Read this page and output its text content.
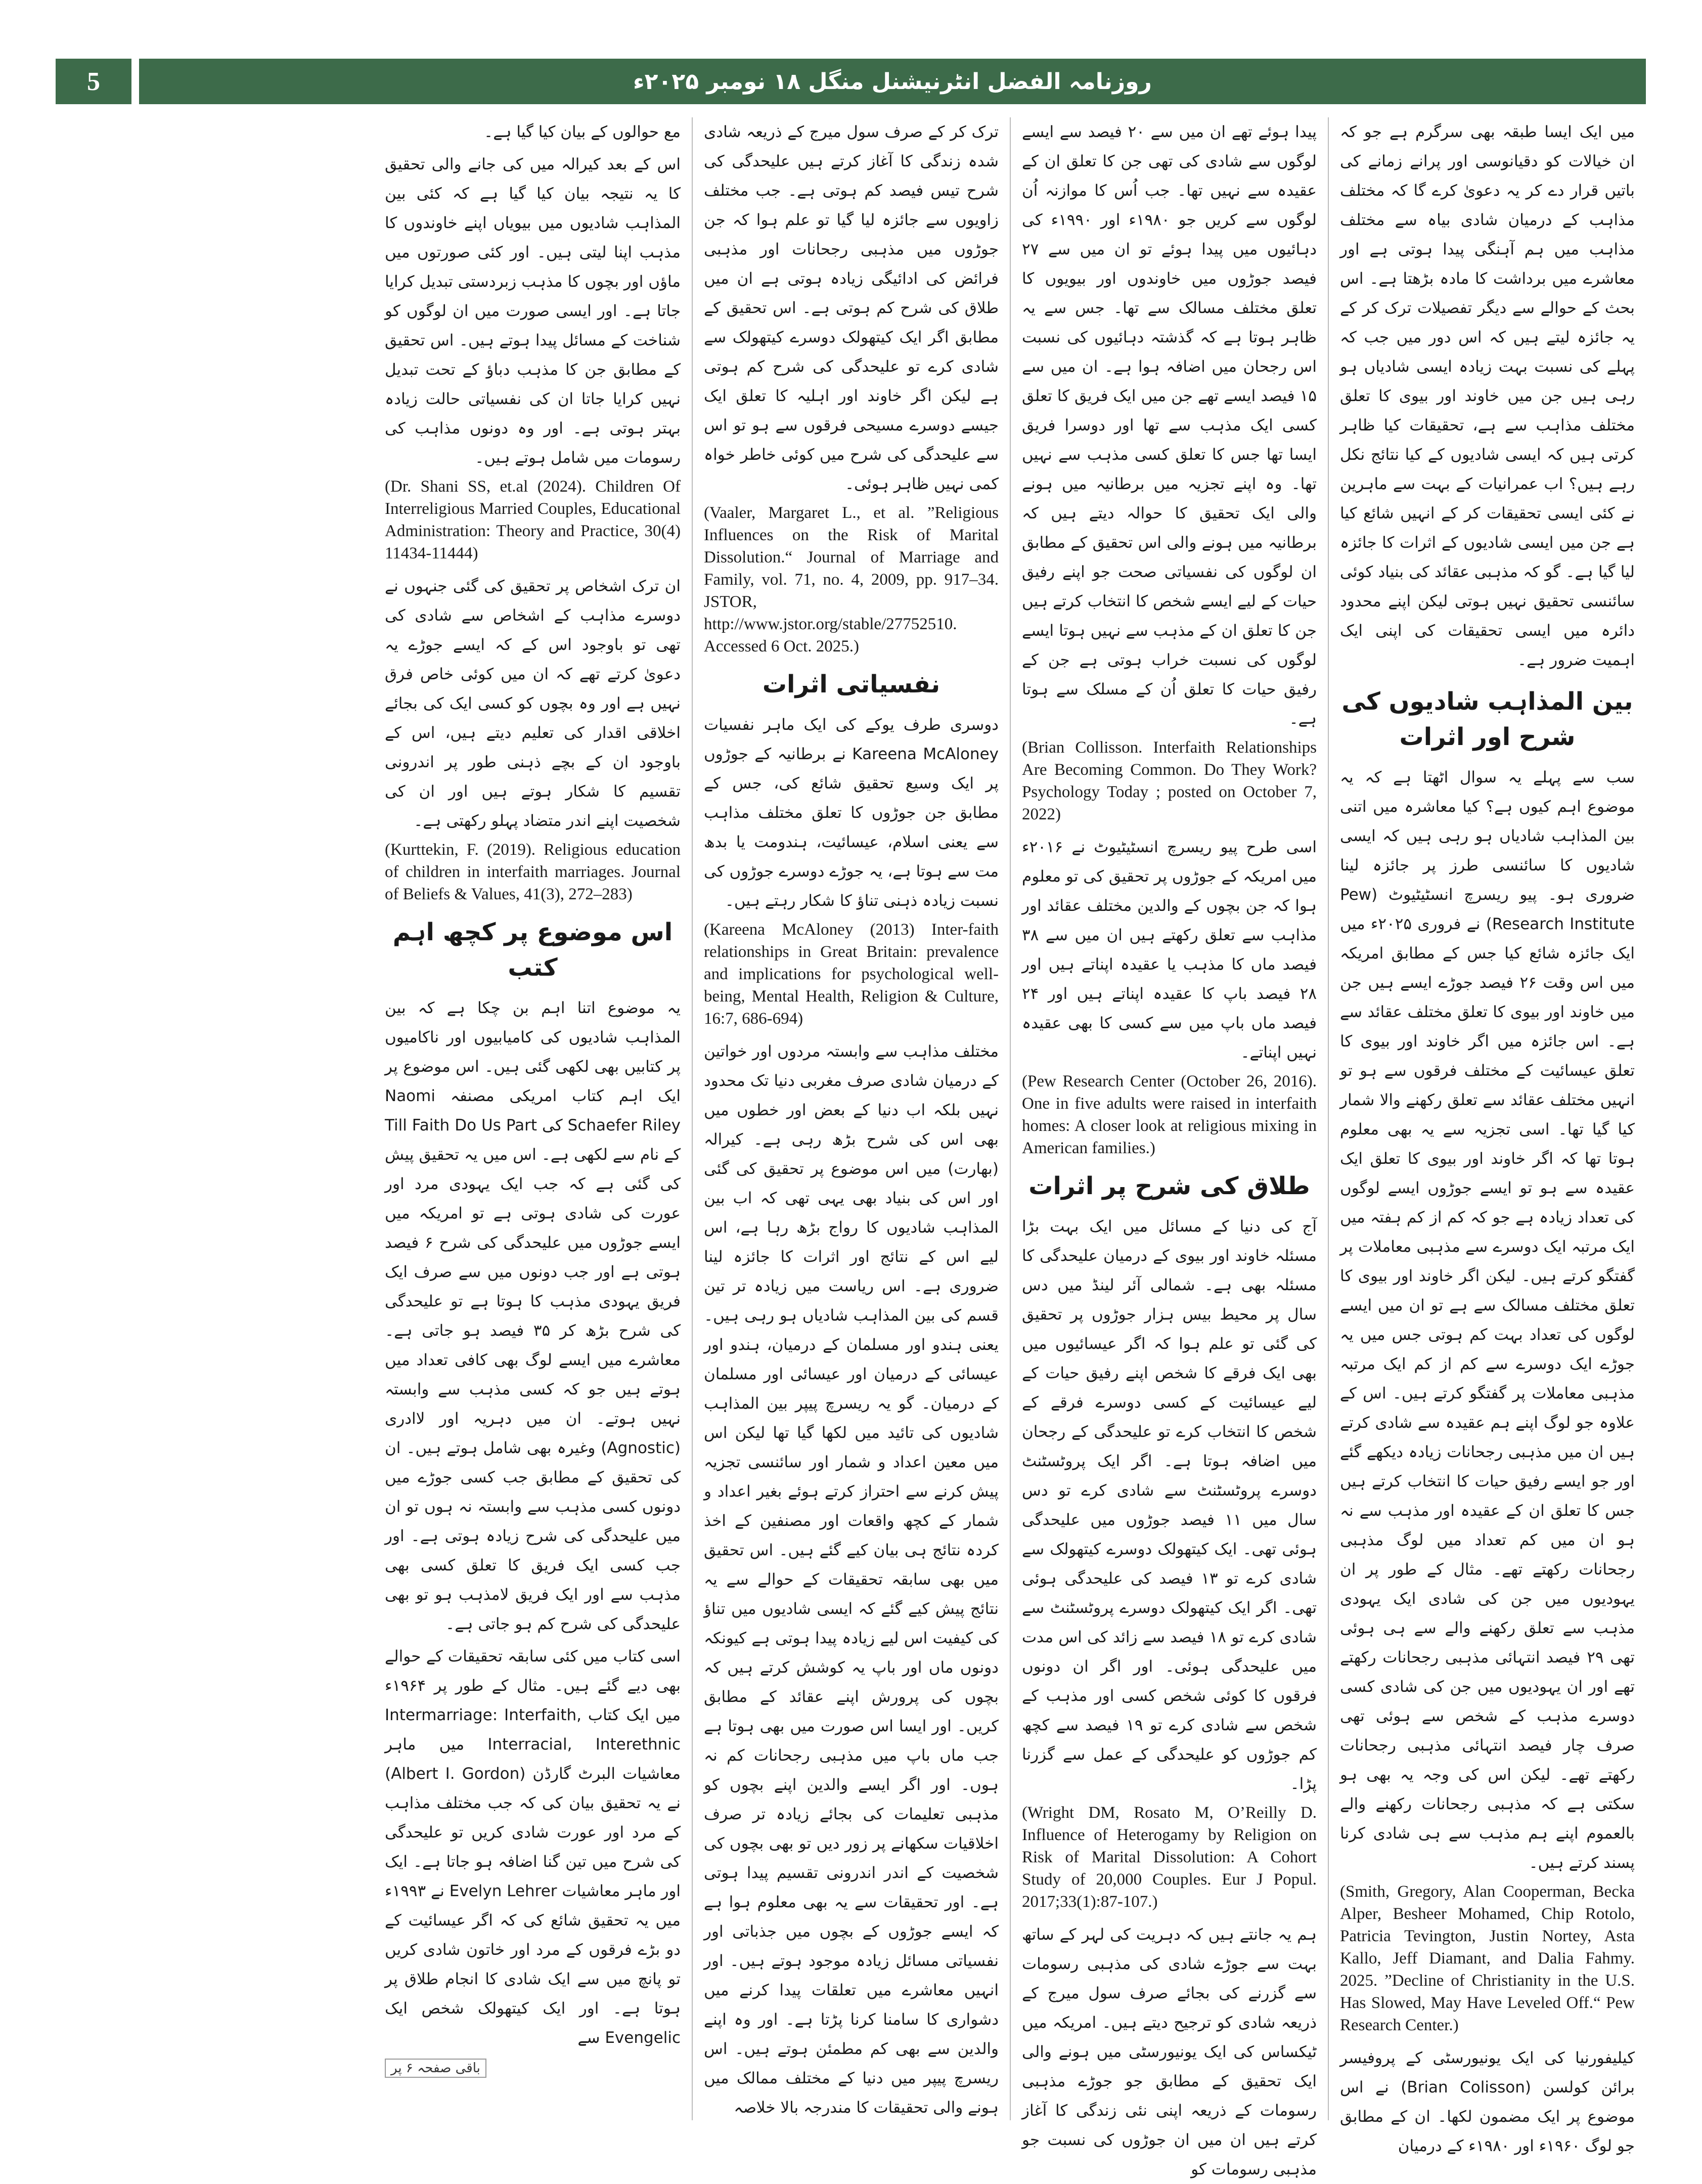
5	روزنامہ الفضل انٹرنیشنل منگل ۱۸ نومبر ۲۰۲۵ء

میں ایک ایسا طبقہ بھی سرگرم ہے جو کہ ان خیالات کو دقیانوسی اور پرانے زمانے کی باتیں قرار دے کر یہ دعویٰ کرے گا کہ مختلف مذاہب کے درمیان شادی بیاہ سے مختلف مذاہب میں ہم آہنگی پیدا ہوتی ہے اور معاشرے میں برداشت کا مادہ بڑھتا ہے۔ اس بحث کے حوالے سے دیگر تفصیلات ترک کر کے یہ جائزہ لیتے ہیں کہ اس دور میں جب کہ پہلے کی نسبت بہت زیادہ ایسی شادیاں ہو رہی ہیں جن میں خاوند اور بیوی کا تعلق مختلف مذاہب سے ہے، تحقیقات کیا ظاہر کرتی ہیں کہ ایسی شادیوں کے کیا نتائج نکل رہے ہیں؟ اب عمرانیات کے بہت سے ماہرین نے کئی ایسی تحقیقات کر کے انہیں شائع کیا ہے جن میں ایسی شادیوں کے اثرات کا جائزہ لیا گیا ہے۔ گو کہ مذہبی عقائد کی بنیاد کوئی سائنسی تحقیق نہیں ہوتی لیکن اپنے محدود دائرہ میں ایسی تحقیقات کی اپنی ایک اہمیت ضرور ہے۔

بین المذاہب شادیوں کی شرح اور اثرات

سب سے پہلے یہ سوال اٹھتا ہے کہ یہ موضوع اہم کیوں ہے؟ کیا معاشرہ میں اتنی بین المذاہب شادیاں ہو رہی ہیں کہ ایسی شادیوں کا سائنسی طرز پر جائزہ لینا ضروری ہو۔ پیو ریسرچ انسٹیٹیوٹ (Pew Research Institute) نے فروری ۲۰۲۵ء میں ایک جائزہ شائع کیا جس کے مطابق امریکہ میں اس وقت ۲۶ فیصد جوڑے ایسے ہیں جن میں خاوند اور بیوی کا تعلق مختلف عقائد سے ہے۔ اس جائزہ میں اگر خاوند اور بیوی کا تعلق عیسائیت کے مختلف فرقوں سے ہو تو انہیں مختلف عقائد سے تعلق رکھنے والا شمار کیا گیا تھا۔ اسی تجزیہ سے یہ بھی معلوم ہوتا تھا کہ اگر خاوند اور بیوی کا تعلق ایک عقیدہ سے ہو تو ایسے جوڑوں ایسے لوگوں کی تعداد زیادہ ہے جو کہ کم از کم ہفتہ میں ایک مرتبہ ایک دوسرے سے مذہبی معاملات پر گفتگو کرتے ہیں۔ لیکن اگر خاوند اور بیوی کا تعلق مختلف مسالک سے ہے تو ان میں ایسے لوگوں کی تعداد بہت کم ہوتی جس میں یہ جوڑے ایک دوسرے سے کم از کم ایک مرتبہ مذہبی معاملات پر گفتگو کرتے ہیں۔ اس کے علاوہ جو لوگ اپنے ہم عقیدہ سے شادی کرتے ہیں ان میں مذہبی رجحانات زیادہ دیکھے گئے اور جو ایسے رفیق حیات کا انتخاب کرتے ہیں جس کا تعلق ان کے عقیدہ اور مذہب سے نہ ہو ان میں کم تعداد میں لوگ مذہبی رجحانات رکھتے تھے۔ مثال کے طور پر ان یہودیوں میں جن کی شادی ایک یہودی مذہب سے تعلق رکھنے والے سے ہی ہوئی تھی ۲۹ فیصد انتہائی مذہبی رجحانات رکھتے تھے اور ان یہودیوں میں جن کی شادی کسی دوسرے مذہب کے شخص سے ہوئی تھی صرف چار فیصد انتہائی مذہبی رجحانات رکھتے تھے۔ لیکن اس کی وجہ یہ بھی ہو سکتی ہے کہ مذہبی رجحانات رکھنے والے بالعموم اپنے ہم مذہب سے ہی شادی کرنا پسند کرتے ہیں۔

(Smith, Gregory, Alan Cooperman, Becka Alper, Besheer Mohamed, Chip Rotolo, Patricia Tevington, Justin Nortey, Asta Kallo, Jeff Diamant, and Dalia Fahmy. 2025. ”Decline of Christianity in the U.S. Has Slowed, May Have Leveled Off.“ Pew Research Center.)

کیلیفورنیا کی ایک یونیورسٹی کے پروفیسر برائن کولسن (Brian Colisson) نے اس موضوع پر ایک مضمون لکھا۔ ان کے مطابق جو لوگ ۱۹۶۰ء اور ۱۹۸۰ء کے درمیان

پیدا ہوئے تھے ان میں سے ۲۰ فیصد سے ایسے لوگوں سے شادی کی تھی جن کا تعلق ان کے عقیدہ سے نہیں تھا۔ جب اُس کا موازنہ اُن لوگوں سے کریں جو ۱۹۸۰ء اور ۱۹۹۰ء کی دہائیوں میں پیدا ہوئے تو ان میں سے ۲۷ فیصد جوڑوں میں خاوندوں اور بیویوں کا تعلق مختلف مسالک سے تھا۔ جس سے یہ ظاہر ہوتا ہے کہ گذشتہ دہائیوں کی نسبت اس رجحان میں اضافہ ہوا ہے۔ ان میں سے ۱۵ فیصد ایسے تھے جن میں ایک فریق کا تعلق کسی ایک مذہب سے تھا اور دوسرا فریق ایسا تھا جس کا تعلق کسی مذہب سے نہیں تھا۔ وہ اپنے تجزیہ میں برطانیہ میں ہونے والی ایک تحقیق کا حوالہ دیتے ہیں کہ برطانیہ میں ہونے والی اس تحقیق کے مطابق ان لوگوں کی نفسیاتی صحت جو اپنے رفیق حیات کے لیے ایسے شخص کا انتخاب کرتے ہیں جن کا تعلق ان کے مذہب سے نہیں ہوتا ایسے لوگوں کی نسبت خراب ہوتی ہے جن کے رفیق حیات کا تعلق اُن کے مسلک سے ہوتا ہے۔

(Brian Collisson. Interfaith Relationships Are Becoming Common. Do They Work? Psychology Today ; posted on October 7, 2022)

اسی طرح پیو ریسرچ انسٹیٹیوٹ نے ۲۰۱۶ء میں امریکہ کے جوڑوں پر تحقیق کی تو معلوم ہوا کہ جن بچوں کے والدین مختلف عقائد اور مذاہب سے تعلق رکھتے ہیں ان میں سے ۳۸ فیصد ماں کا مذہب یا عقیدہ اپناتے ہیں اور ۲۸ فیصد باپ کا عقیدہ اپناتے ہیں اور ۲۴ فیصد ماں باپ میں سے کسی کا بھی عقیدہ نہیں اپناتے۔

(Pew Research Center (October 26, 2016). One in five adults were raised in interfaith homes: A closer look at religious mixing in American families.)

طلاق کی شرح پر اثرات

آج کی دنیا کے مسائل میں ایک بہت بڑا مسئلہ خاوند اور بیوی کے درمیان علیحدگی کا مسئلہ بھی ہے۔ شمالی آئر لینڈ میں دس سال پر محیط بیس ہزار جوڑوں پر تحقیق کی گئی تو علم ہوا کہ اگر عیسائیوں میں بھی ایک فرقے کا شخص اپنے رفیق حیات کے لیے عیسائیت کے کسی دوسرے فرقے کے شخص کا انتخاب کرے تو علیحدگی کے رجحان میں اضافہ ہوتا ہے۔ اگر ایک پروٹسٹنٹ دوسرے پروٹسٹنٹ سے شادی کرے تو دس سال میں ۱۱ فیصد جوڑوں میں علیحدگی ہوئی تھی۔ ایک کیتھولک دوسرے کیتھولک سے شادی کرے تو ۱۳ فیصد کی علیحدگی ہوئی تھی۔ اگر ایک کیتھولک دوسرے پروٹسٹنٹ سے شادی کرے تو ۱۸ فیصد سے زائد کی اس مدت میں علیحدگی ہوئی۔ اور اگر ان دونوں فرقوں کا کوئی شخص کسی اور مذہب کے شخص سے شادی کرے تو ۱۹ فیصد سے کچھ کم جوڑوں کو علیحدگی کے عمل سے گزرنا پڑا۔

(Wright DM, Rosato M, O’Reilly D. Influence of Heterogamy by Religion on Risk of Marital Dissolution: A Cohort Study of 20,000 Couples. Eur J Popul. 2017;33(1):87-107.)

ہم یہ جانتے ہیں کہ دہریت کی لہر کے ساتھ بہت سے جوڑے شادی کی مذہبی رسومات سے گزرنے کی بجائے صرف سول میرج کے ذریعہ شادی کو ترجیح دیتے ہیں۔ امریکہ میں ٹیکساس کی ایک یونیورسٹی میں ہونے والی ایک تحقیق کے مطابق جو جوڑے مذہبی رسومات کے ذریعہ اپنی نئی زندگی کا آغاز کرتے ہیں ان میں ان جوڑوں کی نسبت جو مذہبی رسومات کو

ترک کر کے صرف سول میرج کے ذریعہ شادی شدہ زندگی کا آغاز کرتے ہیں علیحدگی کی شرح تیس فیصد کم ہوتی ہے۔ جب مختلف زاویوں سے جائزہ لیا گیا تو علم ہوا کہ جن جوڑوں میں مذہبی رجحانات اور مذہبی فرائض کی ادائیگی زیادہ ہوتی ہے ان میں طلاق کی شرح کم ہوتی ہے۔ اس تحقیق کے مطابق اگر ایک کیتھولک دوسرے کیتھولک سے شادی کرے تو علیحدگی کی شرح کم ہوتی ہے لیکن اگر خاوند اور اہلیہ کا تعلق ایک جیسے دوسرے مسیحی فرقوں سے ہو تو اس سے علیحدگی کی شرح میں کوئی خاطر خواہ کمی نہیں ظاہر ہوئی۔

(Vaaler, Margaret L., et al. ”Religious Influences on the Risk of Marital Dissolution.“ Journal of Marriage and Family, vol. 71, no. 4, 2009, pp. 917–34. JSTOR, http://www.jstor.org/stable/27752510. Accessed 6 Oct. 2025.)

نفسیاتی اثرات

دوسری طرف یوکے کی ایک ماہر نفسیات Kareena McAloney نے برطانیہ کے جوڑوں پر ایک وسیع تحقیق شائع کی، جس کے مطابق جن جوڑوں کا تعلق مختلف مذاہب سے یعنی اسلام، عیسائیت، ہندومت یا بدھ مت سے ہوتا ہے، یہ جوڑے دوسرے جوڑوں کی نسبت زیادہ ذہنی تناؤ کا شکار رہتے ہیں۔

(Kareena McAloney (2013) Inter-faith relationships in Great Britain: prevalence and implications for psychological well-being, Mental Health, Religion & Culture, 16:7, 686-694)

مختلف مذاہب سے وابستہ مردوں اور خواتین کے درمیان شادی صرف مغربی دنیا تک محدود نہیں بلکہ اب دنیا کے بعض اور خطوں میں بھی اس کی شرح بڑھ رہی ہے۔ کیرالہ (بھارت) میں اس موضوع پر تحقیق کی گئی اور اس کی بنیاد بھی یہی تھی کہ اب بین المذاہب شادیوں کا رواج بڑھ رہا ہے، اس لیے اس کے نتائج اور اثرات کا جائزہ لینا ضروری ہے۔ اس ریاست میں زیادہ تر تین قسم کی بین المذاہب شادیاں ہو رہی ہیں۔ یعنی ہندو اور مسلمان کے درمیان، ہندو اور عیسائی کے درمیان اور عیسائی اور مسلمان کے درمیان۔ گو یہ ریسرچ پیپر بین المذاہب شادیوں کی تائید میں لکھا گیا تھا لیکن اس میں معین اعداد و شمار اور سائنسی تجزیہ پیش کرنے سے احتراز کرتے ہوئے بغیر اعداد و شمار کے کچھ واقعات اور مصنفین کے اخذ کردہ نتائج ہی بیان کیے گئے ہیں۔ اس تحقیق میں بھی سابقہ تحقیقات کے حوالے سے یہ نتائج پیش کیے گئے کہ ایسی شادیوں میں تناؤ کی کیفیت اس لیے زیادہ پیدا ہوتی ہے کیونکہ دونوں ماں اور باپ یہ کوشش کرتے ہیں کہ بچوں کی پرورش اپنے عقائد کے مطابق کریں۔ اور ایسا اس صورت میں بھی ہوتا ہے جب ماں باپ میں مذہبی رجحانات کم نہ ہوں۔ اور اگر ایسے والدین اپنے بچوں کو مذہبی تعلیمات کی بجائے زیادہ تر صرف اخلاقیات سکھانے پر زور دیں تو بھی بچوں کی شخصیت کے اندر اندرونی تقسیم پیدا ہوتی ہے۔ اور تحقیقات سے یہ بھی معلوم ہوا ہے کہ ایسے جوڑوں کے بچوں میں جذباتی اور نفسیاتی مسائل زیادہ موجود ہوتے ہیں۔ اور انہیں معاشرے میں تعلقات پیدا کرنے میں دشواری کا سامنا کرنا پڑتا ہے۔ اور وہ اپنے والدین سے بھی کم مطمئن ہوتے ہیں۔ اس ریسرچ پیپر میں دنیا کے مختلف ممالک میں ہونے والی تحقیقات کا مندرجہ بالا خلاصہ

مع حوالوں کے بیان کیا گیا ہے۔

اس کے بعد کیرالہ میں کی جانے والی تحقیق کا یہ نتیجہ بیان کیا گیا ہے کہ کئی بین المذاہب شادیوں میں بیویاں اپنے خاوندوں کا مذہب اپنا لیتی ہیں۔ اور کئی صورتوں میں ماؤں اور بچوں کا مذہب زبردستی تبدیل کرایا جاتا ہے۔ اور ایسی صورت میں ان لوگوں کو شناخت کے مسائل پیدا ہوتے ہیں۔ اس تحقیق کے مطابق جن کا مذہب دباؤ کے تحت تبدیل نہیں کرایا جاتا ان کی نفسیاتی حالت زیادہ بہتر ہوتی ہے۔ اور وہ دونوں مذاہب کی رسومات میں شامل ہوتے ہیں۔

(Dr. Shani SS, et.al (2024). Children Of Interreligious Married Couples, Educational Administration: Theory and Practice, 30(4) 11434-11444)

ان ترک اشخاص پر تحقیق کی گئی جنہوں نے دوسرے مذاہب کے اشخاص سے شادی کی تھی تو باوجود اس کے کہ ایسے جوڑے یہ دعویٰ کرتے تھے کہ ان میں کوئی خاص فرق نہیں ہے اور وہ بچوں کو کسی ایک کی بجائے اخلاقی اقدار کی تعلیم دیتے ہیں، اس کے باوجود ان کے بچے ذہنی طور پر اندرونی تقسیم کا شکار ہوتے ہیں اور ان کی شخصیت اپنے اندر متضاد پہلو رکھتی ہے۔

(Kurttekin, F. (2019). Religious education of children in interfaith marriages. Journal of Beliefs & Values, 41(3), 272–283)

اس موضوع پر کچھ اہم کتب

یہ موضوع اتنا اہم بن چکا ہے کہ بین المذاہب شادیوں کی کامیابیوں اور ناکامیوں پر کتابیں بھی لکھی گئی ہیں۔ اس موضوع پر ایک اہم کتاب امریکی مصنفہ Naomi Schaefer Riley کی Till Faith Do Us Part کے نام سے لکھی ہے۔ اس میں یہ تحقیق پیش کی گئی ہے کہ جب ایک یہودی مرد اور عورت کی شادی ہوتی ہے تو امریکہ میں ایسے جوڑوں میں علیحدگی کی شرح ۶ فیصد ہوتی ہے اور جب دونوں میں سے صرف ایک فریق یہودی مذہب کا ہوتا ہے تو علیحدگی کی شرح بڑھ کر ۳۵ فیصد ہو جاتی ہے۔ معاشرے میں ایسے لوگ بھی کافی تعداد میں ہوتے ہیں جو کہ کسی مذہب سے وابستہ نہیں ہوتے۔ ان میں دہریہ اور لاادری (Agnostic) وغیرہ بھی شامل ہوتے ہیں۔ ان کی تحقیق کے مطابق جب کسی جوڑے میں دونوں کسی مذہب سے وابستہ نہ ہوں تو ان میں علیحدگی کی شرح زیادہ ہوتی ہے۔ اور جب کسی ایک فریق کا تعلق کسی بھی مذہب سے اور ایک فریق لامذہب ہو تو بھی علیحدگی کی شرح کم ہو جاتی ہے۔

اسی کتاب میں کئی سابقہ تحقیقات کے حوالے بھی دیے گئے ہیں۔ مثال کے طور پر ۱۹۶۴ء میں ایک کتاب Intermarriage: Interfaith, Interracial, Interethnic میں ماہر معاشیات البرٹ گارڈن (Albert I. Gordon) نے یہ تحقیق بیان کی کہ جب مختلف مذاہب کے مرد اور عورت شادی کریں تو علیحدگی کی شرح میں تین گنا اضافہ ہو جاتا ہے۔ ایک اور ماہر معاشیات Evelyn Lehrer نے ۱۹۹۳ء میں یہ تحقیق شائع کی کہ اگر عیسائیت کے دو بڑے فرقوں کے مرد اور خاتون شادی کریں تو پانچ میں سے ایک شادی کا انجام طلاق پر ہوتا ہے۔ اور ایک کیتھولک شخص ایک Evengelic سے

باقی صفحہ ۶ پر
